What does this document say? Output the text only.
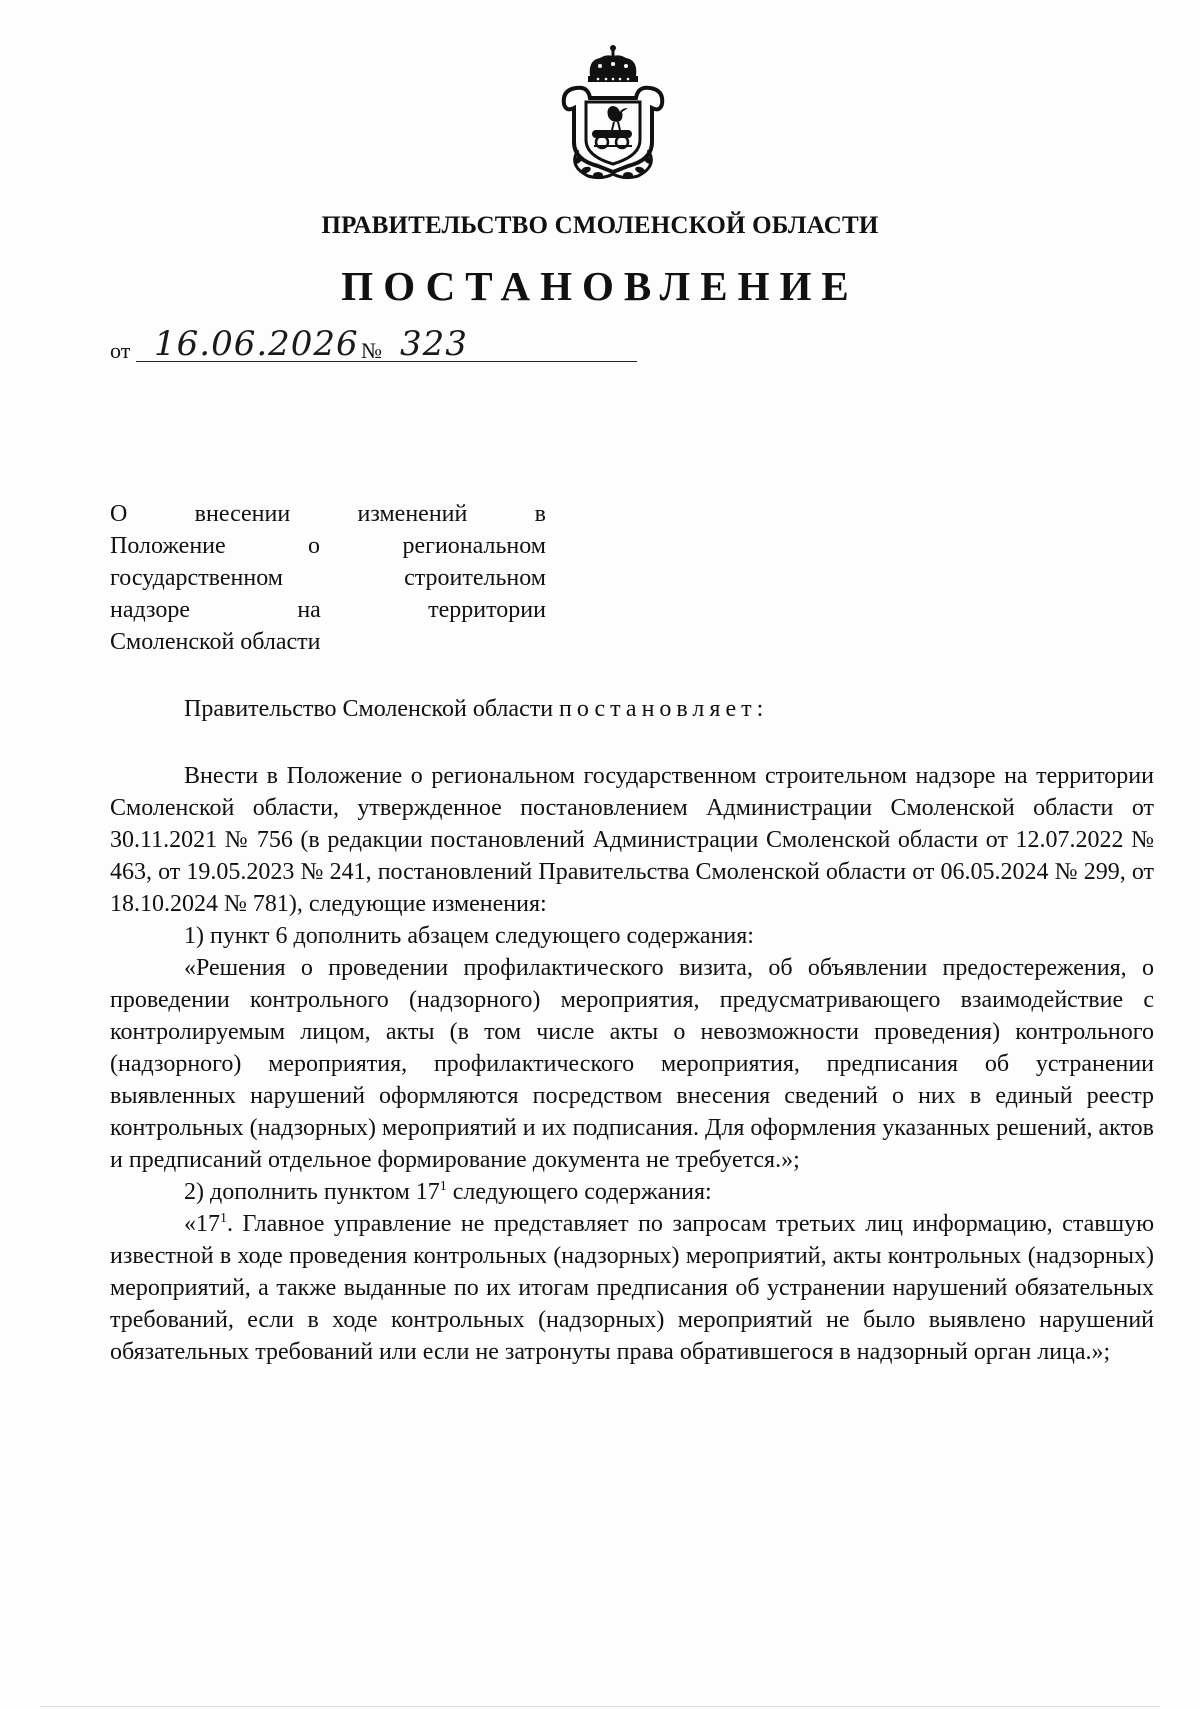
ПРАВИТЕЛЬСТВО СМОЛЕНСКОЙ ОБЛАСТИ
ПОСТАНОВЛЕНИЕ
от 16.06.2026 № 323
О внесении изменений в
Положение о региональном
государственном строительном
надзоре на территории
Смоленской области
Правительство Смоленской области постановляет:

Внести в Положение о региональном государственном строительном надзоре на территории Смоленской области, утвержденное постановлением Администрации Смоленской области от 30.11.2021 № 756 (в редакции постановлений Администрации Смоленской области от 12.07.2022 № 463, от 19.05.2023 № 241, постановлений Правительства Смоленской области от 06.05.2024 № 299, от 18.10.2024 № 781), следующие изменения:

1) пункт 6 дополнить абзацем следующего содержания:

«Решения о проведении профилактического визита, об объявлении предостережения, о проведении контрольного (надзорного) мероприятия, предусматривающего взаимодействие с контролируемым лицом, акты (в том числе акты о невозможности проведения) контрольного (надзорного) мероприятия, профилактического мероприятия, предписания об устранении выявленных нарушений оформляются посредством внесения сведений о них в единый реестр контрольных (надзорных) мероприятий и их подписания. Для оформления указанных решений, актов и предписаний отдельное формирование документа не требуется.»;

2) дополнить пунктом $17^1$ следующего содержания:

«$17^1$. Главное управление не представляет по запросам третьих лиц информацию, ставшую известной в ходе проведения контрольных (надзорных) мероприятий, акты контрольных (надзорных) мероприятий, а также выданные по их итогам предписания об устранении нарушений обязательных требований, если в ходе контрольных (надзорных) мероприятий не было выявлено нарушений обязательных требований или если не затронуты права обратившегося в надзорный орган лица.»;
